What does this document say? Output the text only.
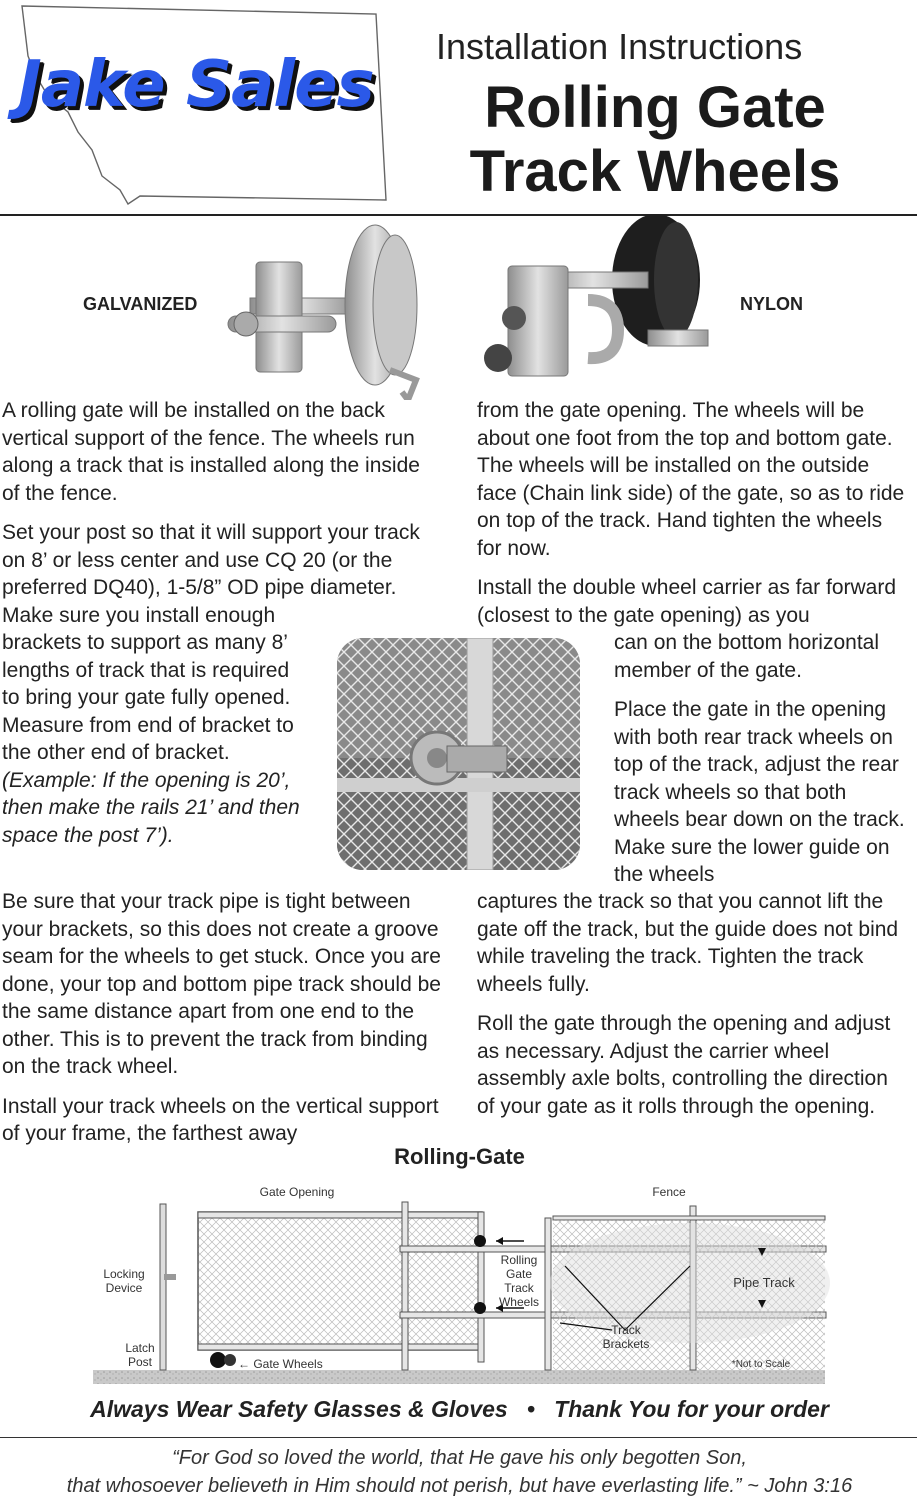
Jake Sales
Installation Instructions
Rolling Gate
Track Wheels
GALVANIZED	NYLON

A rolling gate will be installed on the back vertical support of the fence. The wheels run along a track that is installed along the inside of the fence.

Set your post so that it will support your track on 8’ or less center and use CQ 20 (or the preferred DQ40), 1-5/8” OD pipe diameter. Make sure you install enough

brackets to support as many 8’ lengths of track that is required to bring your gate fully opened. Measure from end of bracket to the other end of bracket. (Example: If the opening is 20’, then make the rails 21’ and then space the post 7’).

Be sure that your track pipe is tight between your brackets, so this does not create a groove seam for the wheels to get stuck. Once you are done, your top and bottom pipe track should be the same distance apart from one end to the other. This is to prevent the track from binding on the track wheel.

Install your track wheels on the vertical support of your frame, the farthest away

from the gate opening. The wheels will be about one foot from the top and bottom gate. The wheels will be installed on the outside face (Chain link side) of the gate, so as to ride on top of the track. Hand tighten the wheels for now.

Install the double wheel carrier as far forward (closest to the gate opening) as you

can on the bottom horizontal member of the gate.

Place the gate in the opening with both rear track wheels on top of the track, adjust the rear track wheels so that both wheels bear down on the track. Make sure the lower guide on the wheels

captures the track so that you cannot lift the gate off the track, but the guide does not bind while traveling the track. Tighten the track wheels fully.

Roll the gate through the opening and adjust as necessary. Adjust the carrier wheel assembly axle bolts, controlling the direction of your gate as it rolls through the opening.

Rolling-Gate
Gate Opening	Fence
Locking Device
Latch Post	← Gate Wheels
Rolling Gate Track Wheels
Pipe Track
Track Brackets
*Not to Scale
Always Wear Safety Glasses & Gloves • Thank You for your order
“For God so loved the world, that He gave his only begotten Son,
that whosoever believeth in Him should not perish, but have everlasting life.” ~ John 3:16
